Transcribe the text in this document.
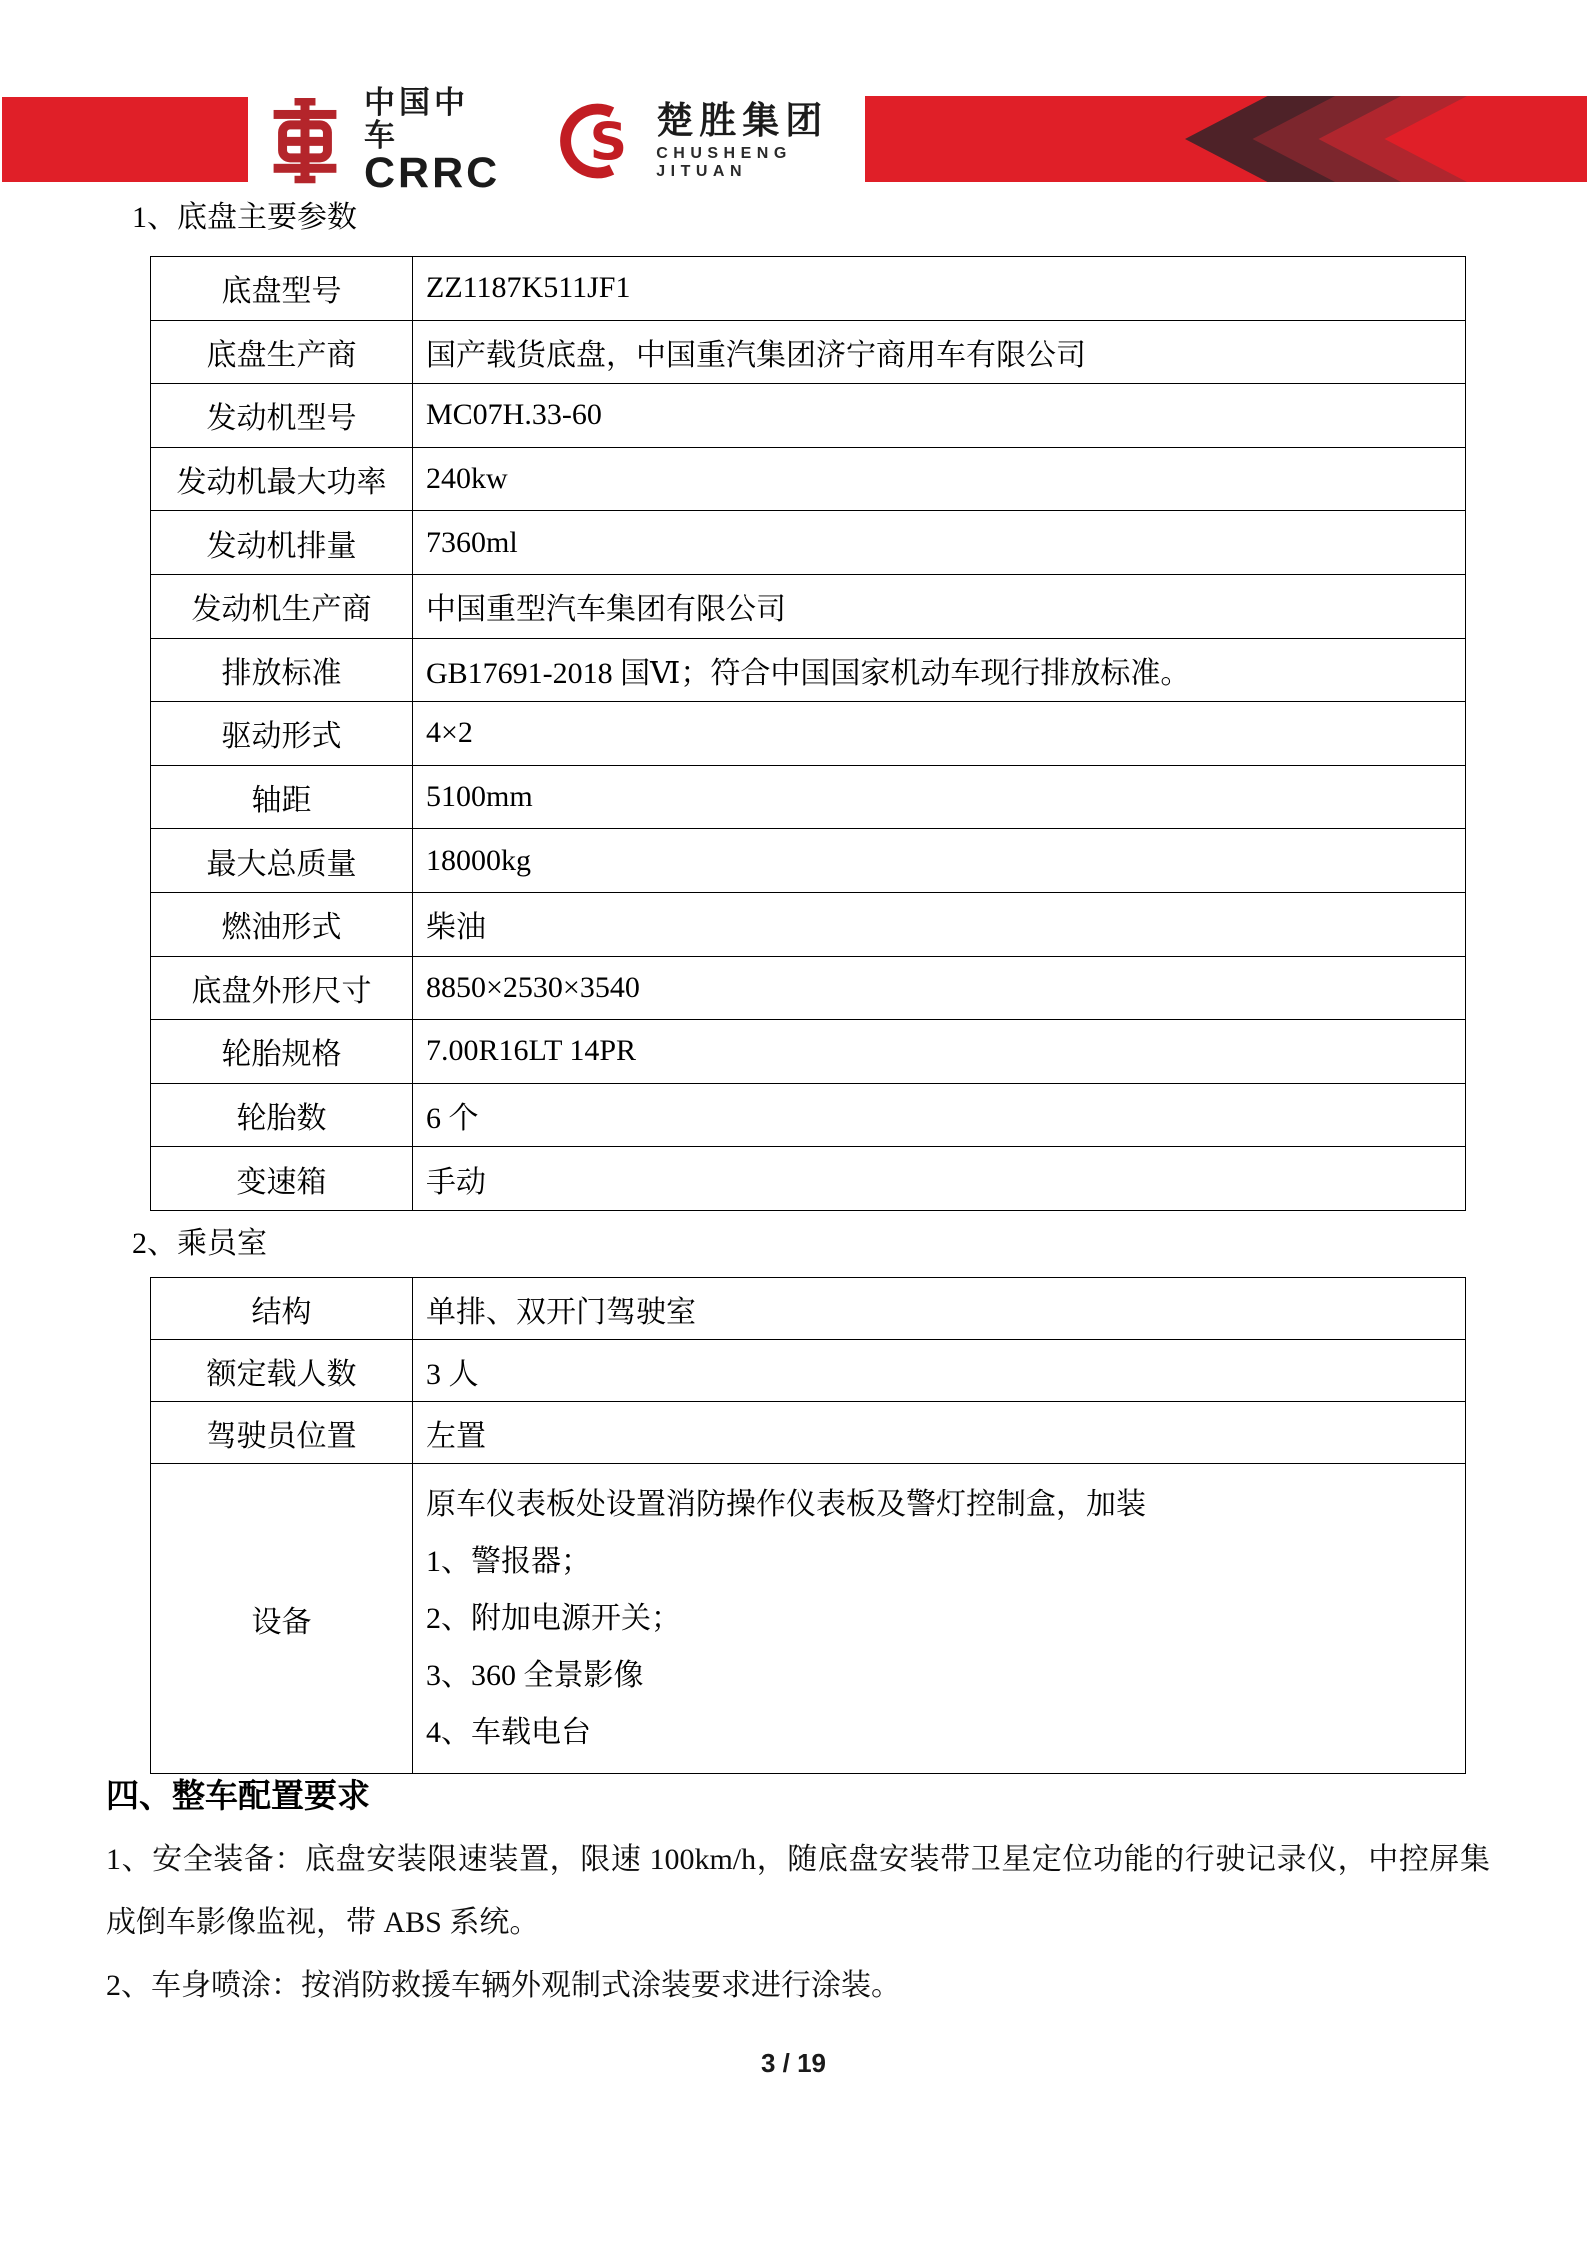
中国中车
CRRC
S 楚胜集团
CHUSHENG JITUAN
1、底盘主要参数
底盘型号	ZZ1187K511JF1
底盘生产商	国产载货底盘，中国重汽集团济宁商用车有限公司
发动机型号	MC07H.33-60
发动机最大功率	240kw
发动机排量	7360ml
发动机生产商	中国重型汽车集团有限公司
排放标准	GB17691-2018 国Ⅵ；符合中国国家机动车现行排放标准。
驱动形式	4×2
轴距	5100mm
最大总质量	18000kg
燃油形式	柴油
底盘外形尺寸	8850×2530×3540
轮胎规格	7.00R16LT 14PR
轮胎数	6 个
变速箱	手动
2、乘员室
结构	单排、双开门驾驶室
额定载人数	3 人
驾驶员位置	左置
设备	原车仪表板处设置消防操作仪表板及警灯控制盒，加装
1、警报器；
2、附加电源开关；
3、360 全景影像
4、车载电台
四、整车配置要求

1、安全装备：底盘安装限速装置，限速 100km/h，随底盘安装带卫星定位功能的行驶记录仪，中控屏集成倒车影像监视，带 ABS 系统。

2、车身喷涂：按消防救援车辆外观制式涂装要求进行涂装。

3 / 19
